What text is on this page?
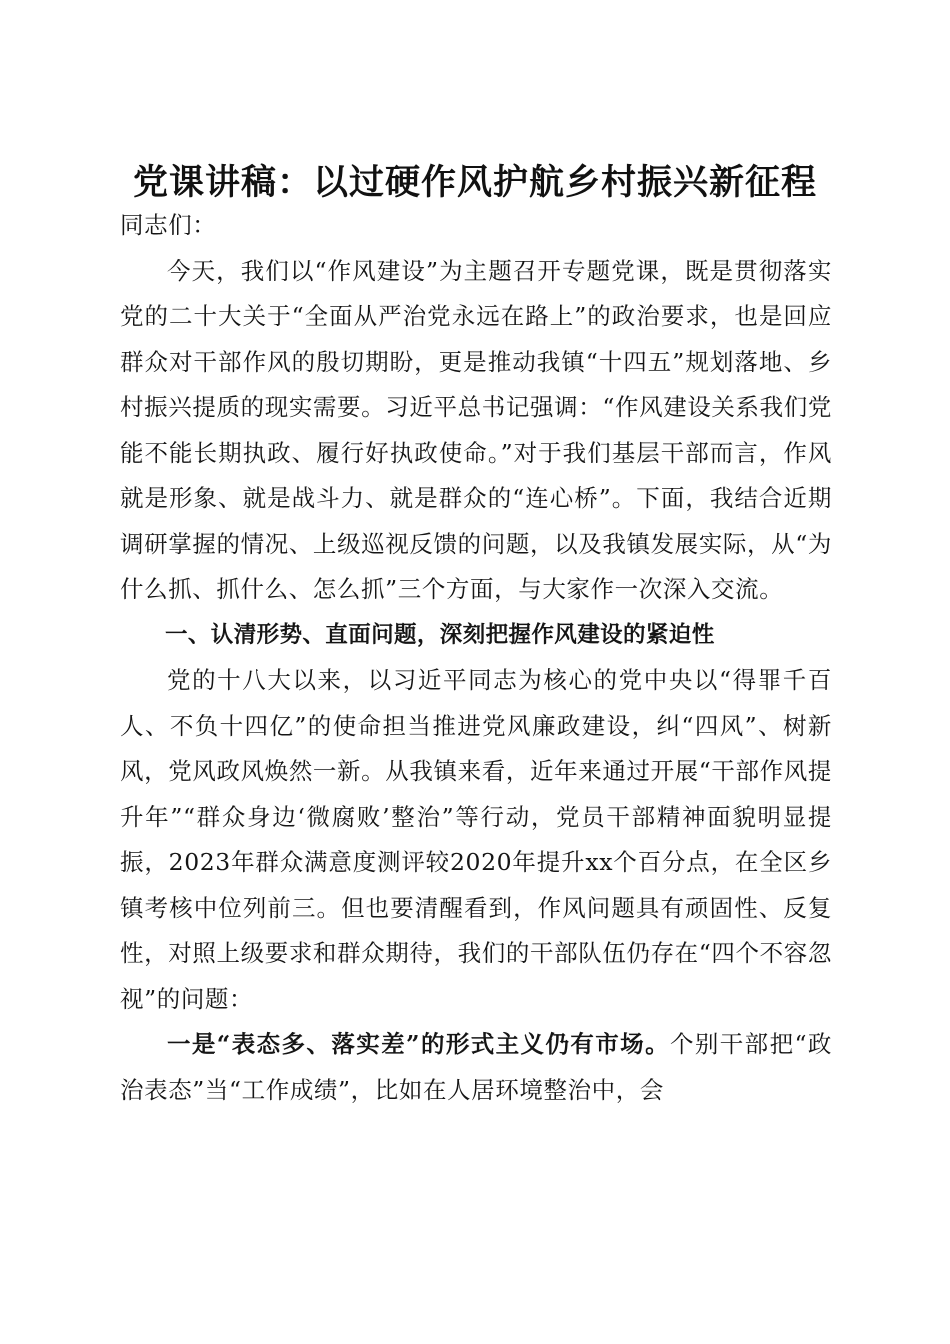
党课讲稿：以过硬作风护航乡村振兴新征程

同志们：

今天，我们以“作风建设”为主题召开专题党课，既是贯彻落实党的二十大关于“全面从严治党永远在路上”的政治要求，也是回应群众对干部作风的殷切期盼，更是推动我镇“十四五”规划落地、乡村振兴提质的现实需要。习近平总书记强调：“作风建设关系我们党能不能长期执政、履行好执政使命。”对于我们基层干部而言，作风就是形象、就是战斗力、就是群众的“连心桥”。下面，我结合近期调研掌握的情况、上级巡视反馈的问题，以及我镇发展实际，从“为什么抓、抓什么、怎么抓”三个方面，与大家作一次深入交流。

一、认清形势、直面问题，深刻把握作风建设的紧迫性

党的十八大以来，以习近平同志为核心的党中央以“得罪千百人、不负十四亿”的使命担当推进党风廉政建设，纠“四风”、树新风，党风政风焕然一新。从我镇来看，近年来通过开展“干部作风提升年”“群众身边‘微腐败’整治”等行动，党员干部精神面貌明显提振，2023年群众满意度测评较2020年提升xx个百分点，在全区乡镇考核中位列前三。但也要清醒看到，作风问题具有顽固性、反复性，对照上级要求和群众期待，我们的干部队伍仍存在“四个不容忽视”的问题：

一是“表态多、落实差”的形式主义仍有市场。个别干部把“政治表态”当“工作成绩”，比如在人居环境整治中，会
